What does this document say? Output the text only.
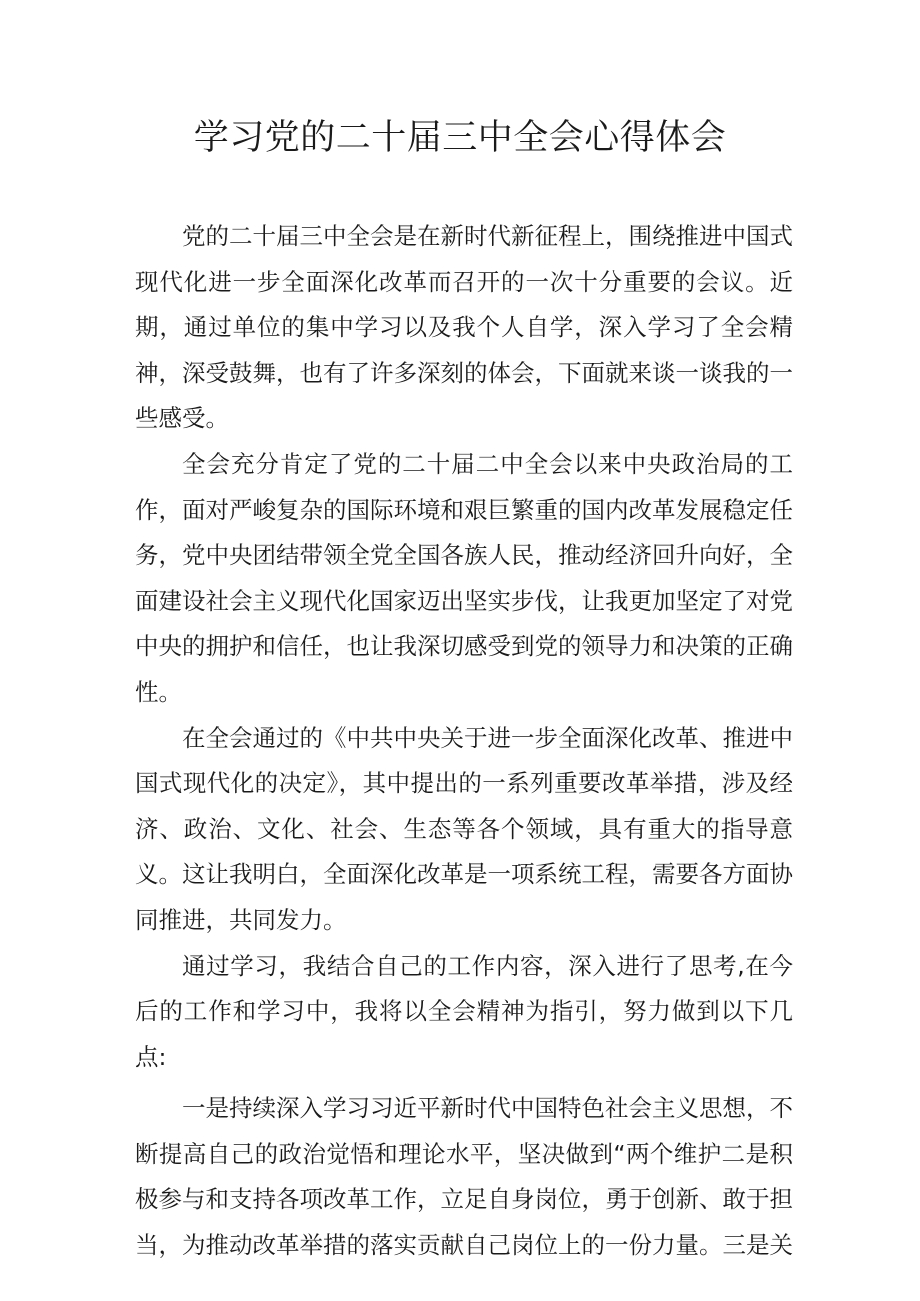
学习党的二十届三中全会心得体会

党的二十届三中全会是在新时代新征程上，围绕推进中国式现代化进一步全面深化改革而召开的一次十分重要的会议。近期，通过单位的集中学习以及我个人自学，深入学习了全会精神，深受鼓舞，也有了许多深刻的体会，下面就来谈一谈我的一些感受。

全会充分肯定了党的二十届二中全会以来中央政治局的工作，面对严峻复杂的国际环境和艰巨繁重的国内改革发展稳定任务，党中央团结带领全党全国各族人民，推动经济回升向好，全面建设社会主义现代化国家迈出坚实步伐，让我更加坚定了对党中央的拥护和信任，也让我深切感受到党的领导力和决策的正确性。

在全会通过的《中共中央关于进一步全面深化改革、推进中国式现代化的决定》，其中提出的一系列重要改革举措，涉及经济、政治、文化、社会、生态等各个领域，具有重大的指导意义。这让我明白，全面深化改革是一项系统工程，需要各方面协同推进，共同发力。

通过学习，我结合自己的工作内容，深入进行了思考,在今后的工作和学习中，我将以全会精神为指引，努力做到以下几点:

一是持续深入学习习近平新时代中国特色社会主义思想，不断提高自己的政治觉悟和理论水平，坚决做到“两个维护二是积极参与和支持各项改革工作，立足自身岗位，勇于创新、敢于担当，为推动改革举措的落实贡献自己岗位上的一份力量。三是关
